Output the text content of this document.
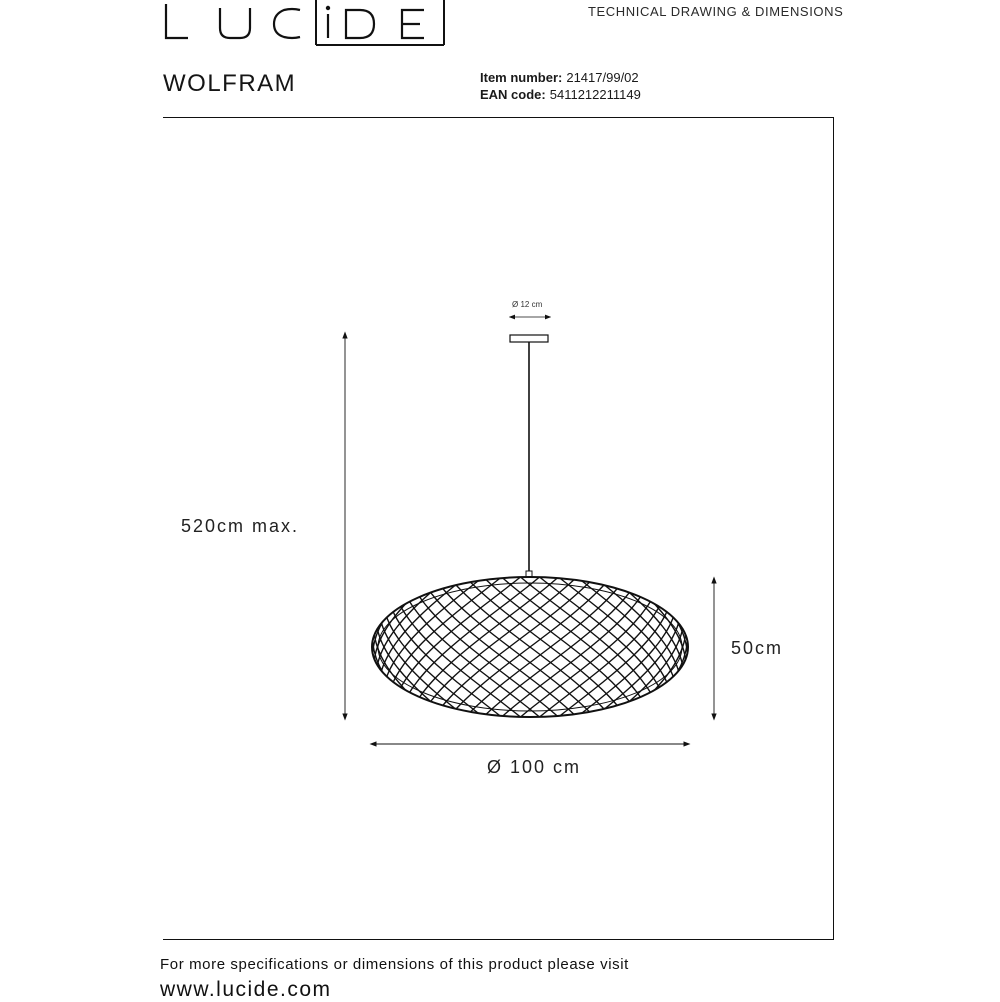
TECHNICAL DRAWING & DIMENSIONS
WOLFRAM	Item number: 21417/99/02
EAN code: 5411212211149
Ø 12 cm
520cm max.
50cm
Ø 100 cm
For more specifications or dimensions of this product please visit
www.lucide.com
